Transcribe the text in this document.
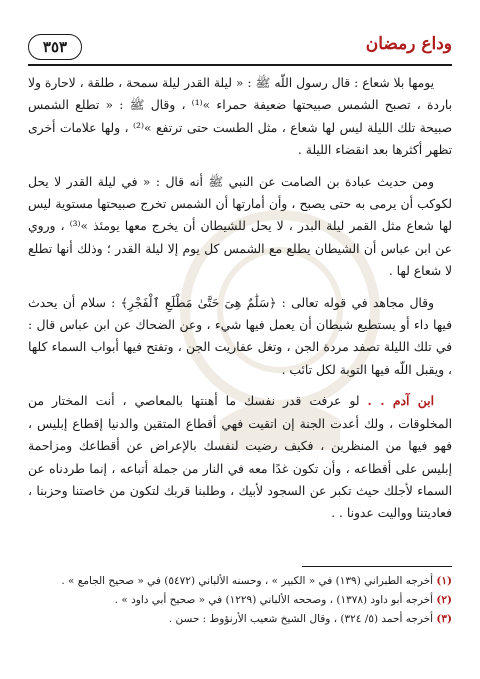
وداع رمضان
٣٥٣

يومها بلا شعاع : قال رسول اللّه ﷺ : « ليلة القدر ليلة سمحة ، طلقة ، لاحارة ولا باردة ، تصبح الشمس صبيحتها ضعيفة حمراء »⁽¹⁾ ، وقال ﷺ : « تطلع الشمس صبيحة تلك الليلة ليس لها شعاع ، مثل الطست حتى ترتفع »⁽²⁾ ، ولها علامات أخرى تظهر أكثرها بعد انقضاء الليلة .

ومن حديث عبادة بن الصامت عن النبي ﷺ أنه قال : « في ليلة القدر لا يحل لكوكب أن يرمى به حتى يصبح ، وأن أمارتها أن الشمس تخرج صبيحتها مستوية ليس لها شعاع مثل القمر ليلة البدر ، لا يحل للشيطان أن يخرج معها يومئذ »⁽³⁾ ، وروي عن ابن عباس أن الشيطان يطلع مع الشمس كل يوم إلا ليلة القدر ؛ وذلك أنها تطلع لا شعاع لها .

وقال مجاهد في قوله تعالى : ﴿سَلَٰمٌ هِىَ حَتَّىٰ مَطْلَعِ ٱلْفَجْرِ﴾ : سلام أن يحدث فيها داء أو يستطيع شيطان أن يعمل فيها شيء ، وعن الضحاك عن ابن عباس قال : في تلك الليلة تصفد مردة الجن ، وتغل عفاريت الجن ، وتفتح فيها أبواب السماء كلها ، ويقبل اللّه فيها التوبة لكل تائب .

ابن آدم . . لو عرفت قدر نفسك ما أهنتها بالمعاصي ، أنت المختار من المخلوقات ، ولك أعدت الجنة إن اتقيت فهي أقطاع المتقين والدنيا إقطاع إبليس ، فهو فيها من المنظرين ، فكيف رضيت لنفسك بالإعراض عن أقطاعك ومزاحمة إبليس على أقطاعه ، وأن تكون غدًا معه في النار من جملة أتباعه ، إنما طردناه عن السماء لأجلك حيث تكبر عن السجود لأبيك ، وطلبنا قربك لتكون من خاصتنا وحزبنا ، فعاديتنا وواليت عدونا . .

(١) أخرجه الطبراني (١٣٩) في « الكبير » ، وحسنه الألباني (٥٤٧٢) في « صحيح الجامع » .

(٢) أخرجه أبو داود (١٣٧٨) ، وصححه الألباني (١٢٢٩) في « صحيح أبي داود » .

(٣) أخرجه أحمد (٥/ ٣٢٤) ، وقال الشيخ شعيب الأرنؤوط : حسن .
